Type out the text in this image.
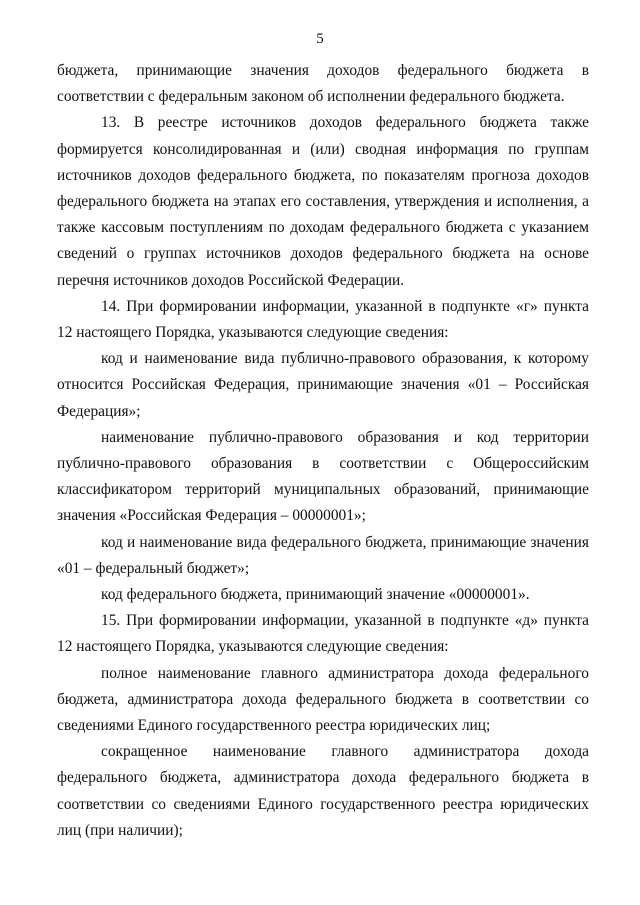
5

бюджета, принимающие значения доходов федерального бюджета в соответствии с федеральным законом об исполнении федерального бюджета.

13. В реестре источников доходов федерального бюджета также формируется консолидированная и (или) сводная информация по группам источников доходов федерального бюджета, по показателям прогноза доходов федерального бюджета на этапах его составления, утверждения и исполнения, а также кассовым поступлениям по доходам федерального бюджета с указанием сведений о группах источников доходов федерального бюджета на основе перечня источников доходов Российской Федерации.

14. При формировании информации, указанной в подпункте «г» пункта 12 настоящего Порядка, указываются следующие сведения:

код и наименование вида публично-правового образования, к которому относится Российская Федерация, принимающие значения «01 – Российская Федерация»;

наименование публично-правового образования и код территории публично-правового образования в соответствии с Общероссийским классификатором территорий муниципальных образований, принимающие значения «Российская Федерация – 00000001»;

код и наименование вида федерального бюджета, принимающие значения «01 – федеральный бюджет»;

код федерального бюджета, принимающий значение «00000001».

15. При формировании информации, указанной в подпункте «д» пункта 12 настоящего Порядка, указываются следующие сведения:

полное наименование главного администратора дохода федерального бюджета, администратора дохода федерального бюджета в соответствии со сведениями Единого государственного реестра юридических лиц;

сокращенное наименование главного администратора дохода федерального бюджета, администратора дохода федерального бюджета в соответствии со сведениями Единого государственного реестра юридических лиц (при наличии);
